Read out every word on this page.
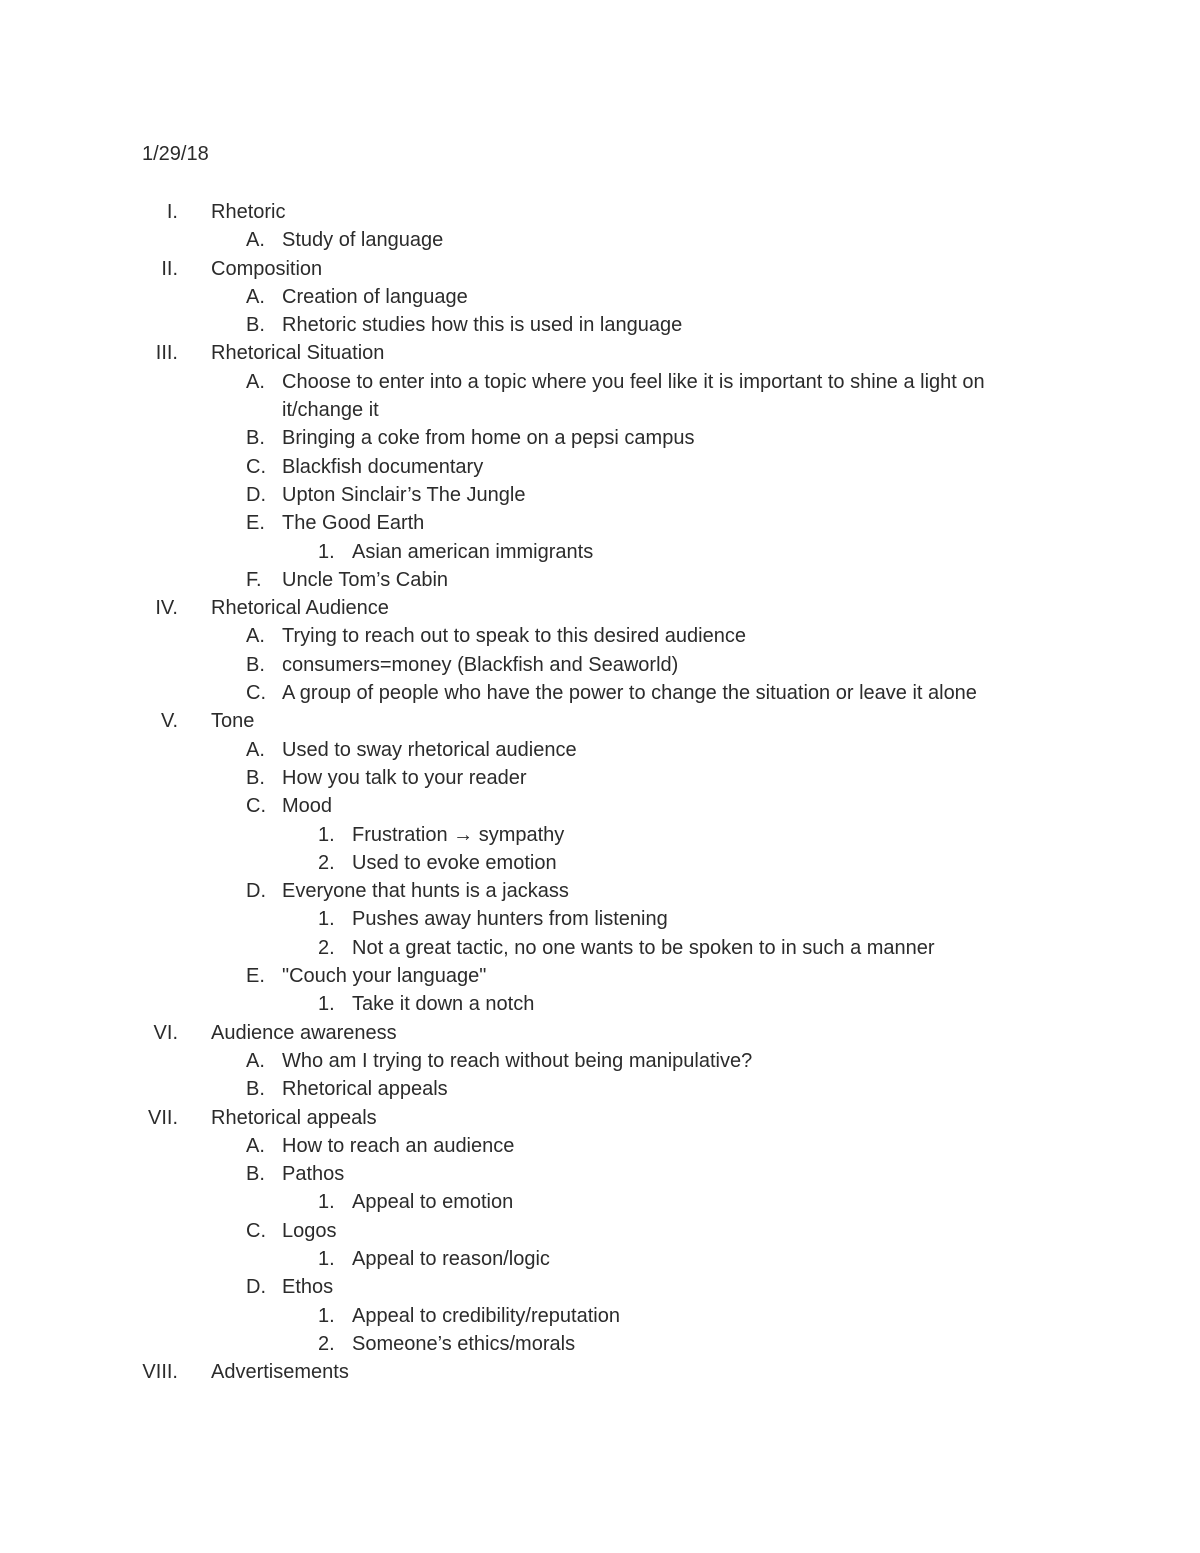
1/29/18
I. Rhetoric
A. Study of language
II. Composition
A. Creation of language
B. Rhetoric studies how this is used in language
III. Rhetorical Situation
A. Choose to enter into a topic where you feel like it is important to shine a light on it/change it
B. Bringing a coke from home on a pepsi campus
C. Blackfish documentary
D. Upton Sinclair’s The Jungle
E. The Good Earth
1. Asian american immigrants
F. Uncle Tom’s Cabin
IV. Rhetorical Audience
A. Trying to reach out to speak to this desired audience
B. consumers=money (Blackfish and Seaworld)
C. A group of people who have the power to change the situation or leave it alone
V. Tone
A. Used to sway rhetorical audience
B. How you talk to your reader
C. Mood
1. Frustration → sympathy
2. Used to evoke emotion
D. Everyone that hunts is a jackass
1. Pushes away hunters from listening
2. Not a great tactic, no one wants to be spoken to in such a manner
E. "Couch your language"
1. Take it down a notch
VI. Audience awareness
A. Who am I trying to reach without being manipulative?
B. Rhetorical appeals
VII. Rhetorical appeals
A. How to reach an audience
B. Pathos
1. Appeal to emotion
C. Logos
1. Appeal to reason/logic
D. Ethos
1. Appeal to credibility/reputation
2. Someone’s ethics/morals
VIII. Advertisements
